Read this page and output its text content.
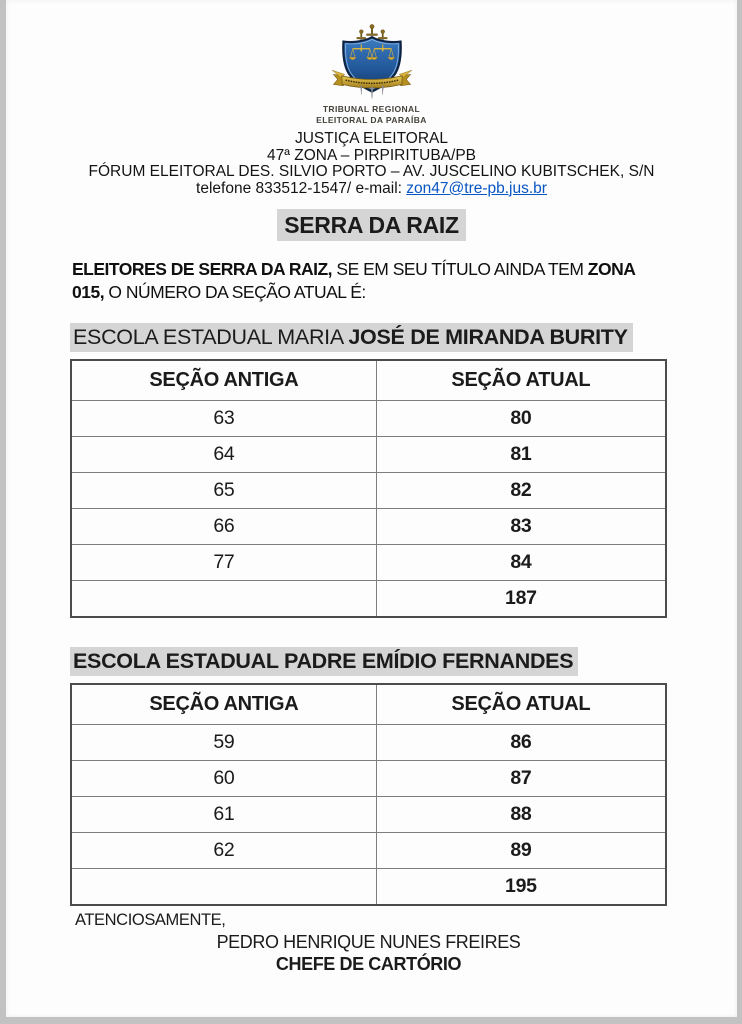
TRIBUNAL REGIONAL
ELEITORAL DA PARAÍBA
JUSTIÇA ELEITORAL
47ª ZONA – PIRPIRITUBA/PB
FÓRUM ELEITORAL DES. SILVIO PORTO – AV. JUSCELINO KUBITSCHEK, S/N
telefone 833512-1547/ e-mail: zon47@tre-pb.jus.br
SERRA DA RAIZ

ELEITORES DE SERRA DA RAIZ, SE EM SEU TÍTULO AINDA TEM ZONA
015, O NÚMERO DA SEÇÃO ATUAL É:

ESCOLA ESTADUAL MARIA JOSÉ DE MIRANDA BURITY
SEÇÃO ANTIGA	SEÇÃO ATUAL
63	80
64	81
65	82
66	83
77	84
	187
ESCOLA ESTADUAL PADRE EMÍDIO FERNANDES
SEÇÃO ANTIGA	SEÇÃO ATUAL
59	86
60	87
61	88
62	89
	195
ATENCIOSAMENTE,
PEDRO HENRIQUE NUNES FREIRES
CHEFE DE CARTÓRIO
